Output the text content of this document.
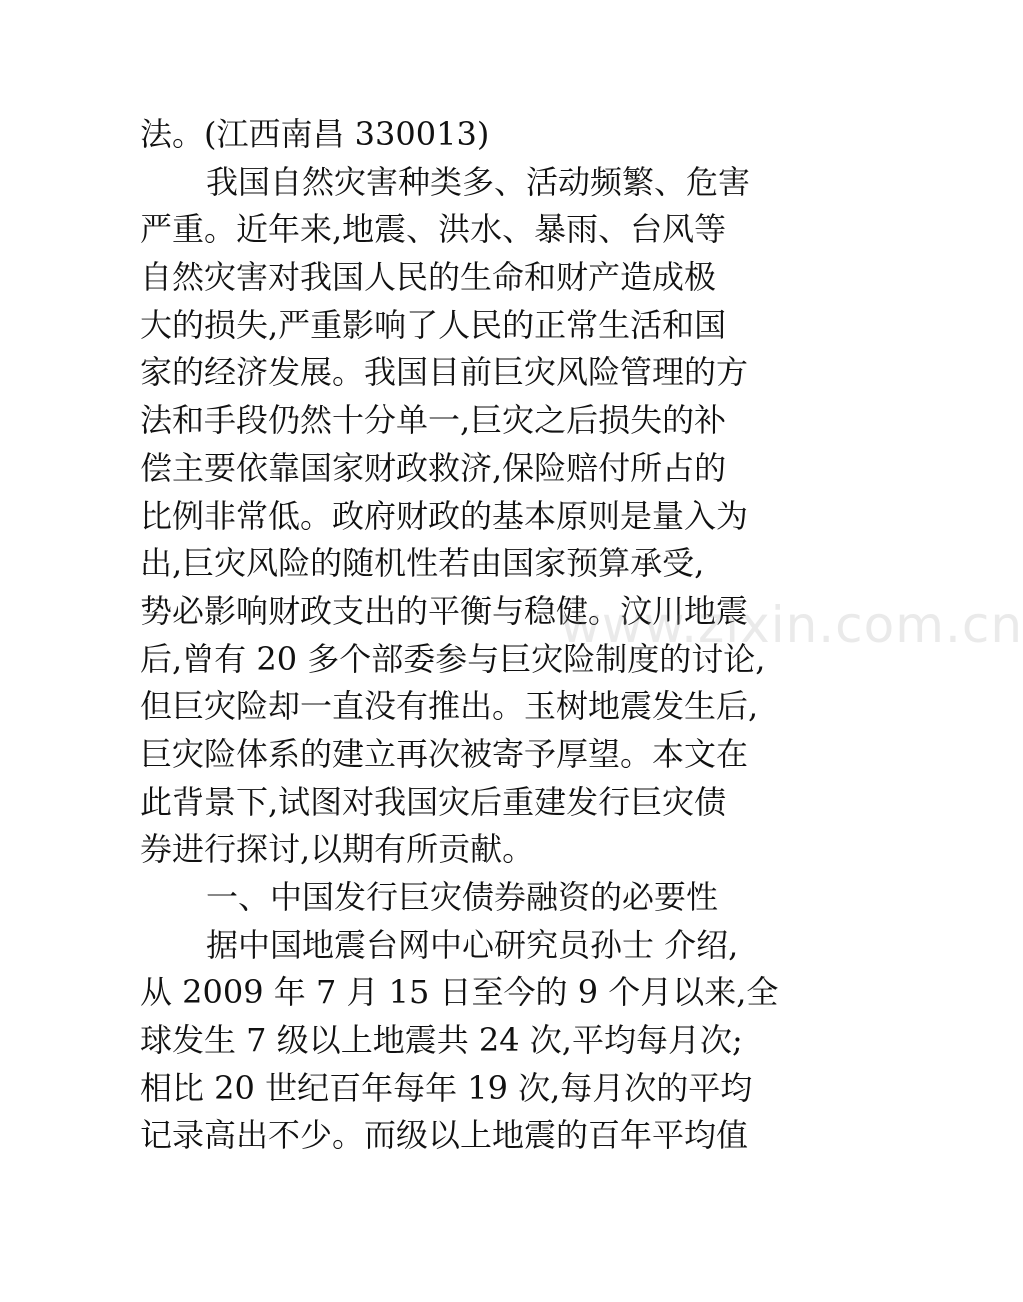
法。(江西南昌 330013)
我国自然灾害种类多、活动频繁、危害
严重。近年来,地震、洪水、暴雨、台风等
自然灾害对我国人民的生命和财产造成极
大的损失,严重影响了人民的正常生活和国
家的经济发展。我国目前巨灾风险管理的方
法和手段仍然十分单一,巨灾之后损失的补
偿主要依靠国家财政救济,保险赔付所占的
比例非常低。政府财政的基本原则是量入为
出,巨灾风险的随机性若由国家预算承受,
势必影响财政支出的平衡与稳健。汶川地震
后,曾有 20 多个部委参与巨灾险制度的讨论,
但巨灾险却一直没有推出。玉树地震发生后,
巨灾险体系的建立再次被寄予厚望。本文在
此背景下,试图对我国灾后重建发行巨灾债
券进行探讨,以期有所贡献。
一、中国发行巨灾债券融资的必要性
据中国地震台网中心研究员孙士 介绍,
从 2009 年 7 月 15 日至今的 9 个月以来,全
球发生 7 级以上地震共 24 次,平均每月次;
相比 20 世纪百年每年 19 次,每月次的平均
记录高出不少。而级以上地震的百年平均值
www.zixin.com.cn
